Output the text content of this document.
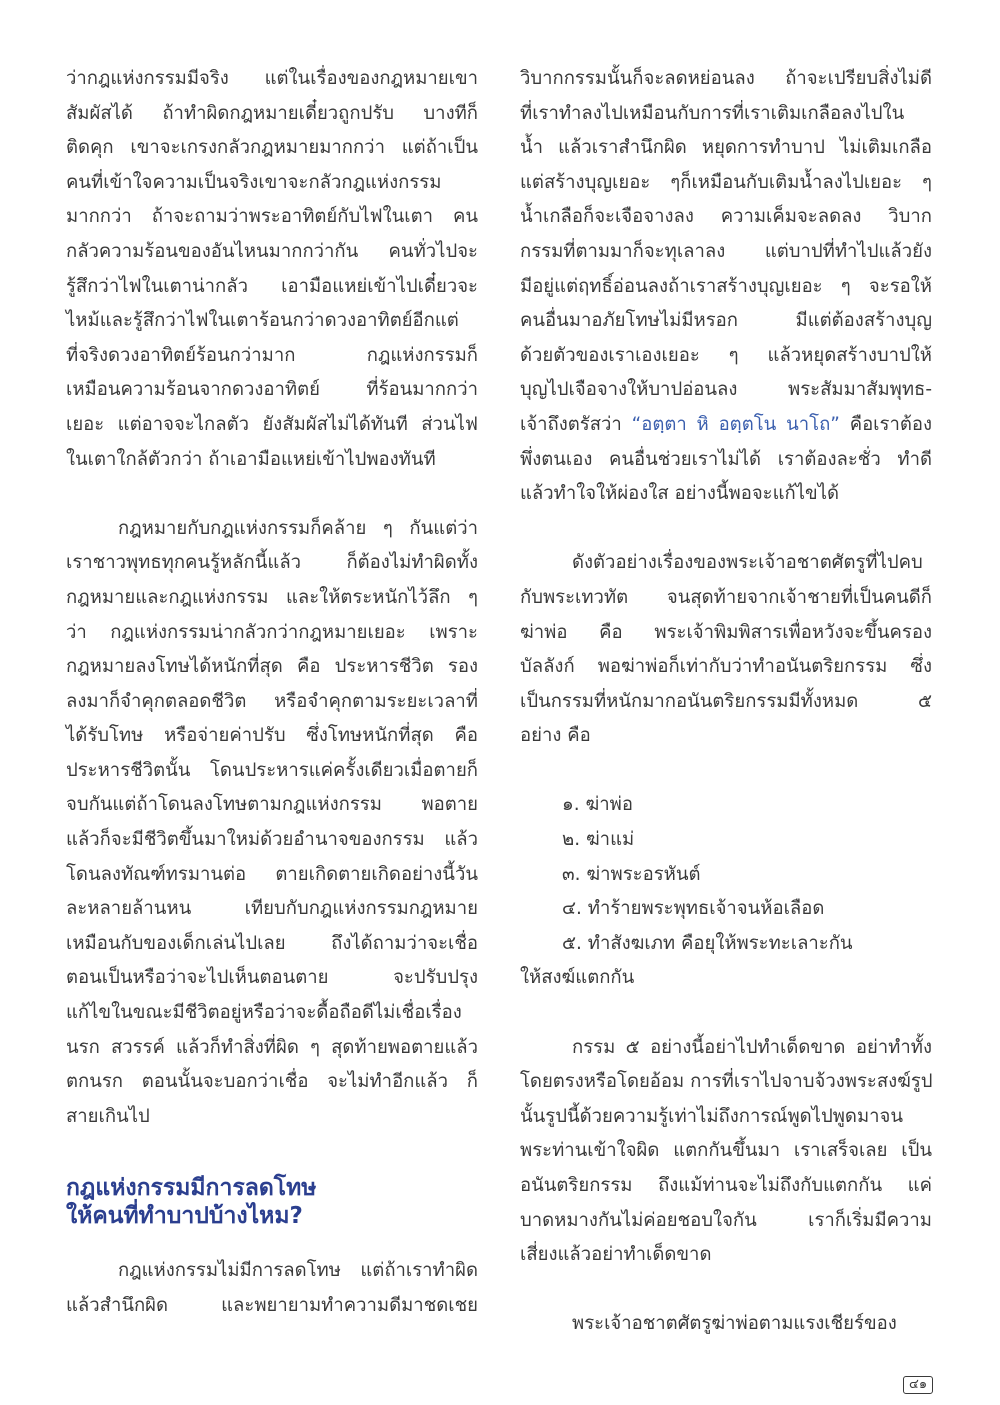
ว่ากฎแห่งกรรมมีจริง แต่ในเรื่องของกฎหมายเขา
สัมผัสได้ ถ้าทำผิดกฎหมายเดี๋ยวถูกปรับ บางทีก็
ติดคุก เขาจะเกรงกลัวกฎหมายมากกว่า แต่ถ้าเป็น
คนที่เข้าใจความเป็นจริงเขาจะกลัวกฎแห่งกรรม
มากกว่า ถ้าจะถามว่าพระอาทิตย์กับไฟในเตา คน
กลัวความร้อนของอันไหนมากกว่ากัน คนทั่วไปจะ
รู้สึกว่าไฟในเตาน่ากลัว เอามือแหย่เข้าไปเดี๋ยวจะ
ไหม้และรู้สึกว่าไฟในเตาร้อนกว่าดวงอาทิตย์อีกแต่
ที่จริงดวงอาทิตย์ร้อนกว่ามาก กฎแห่งกรรมก็
เหมือนความร้อนจากดวงอาทิตย์ ที่ร้อนมากกว่า
เยอะ แต่อาจจะไกลตัว ยังสัมผัสไม่ได้ทันที ส่วนไฟ
ในเตาใกล้ตัวกว่า ถ้าเอามือแหย่เข้าไปพองทันที
กฎหมายกับกฎแห่งกรรมก็คล้าย ๆ กันแต่ว่า
เราชาวพุทธทุกคนรู้หลักนี้แล้ว ก็ต้องไม่ทำผิดทั้ง
กฎหมายและกฎแห่งกรรม และให้ตระหนักไว้ลึก ๆ
ว่า กฎแห่งกรรมน่ากลัวกว่ากฎหมายเยอะ เพราะ
กฎหมายลงโทษได้หนักที่สุด คือ ประหารชีวิต รอง
ลงมาก็จำคุกตลอดชีวิต หรือจำคุกตามระยะเวลาที่
ได้รับโทษ หรือจ่ายค่าปรับ ซึ่งโทษหนักที่สุด คือ
ประหารชีวิตนั้น โดนประหารแค่ครั้งเดียวเมื่อตายก็
จบกันแต่ถ้าโดนลงโทษตามกฎแห่งกรรม พอตาย
แล้วก็จะมีชีวิตขึ้นมาใหม่ด้วยอำนาจของกรรม แล้ว
โดนลงทัณฑ์ทรมานต่อ ตายเกิดตายเกิดอย่างนี้วัน
ละหลายล้านหน เทียบกับกฎแห่งกรรมกฎหมาย
เหมือนกับของเด็กเล่นไปเลย ถึงได้ถามว่าจะเชื่อ
ตอนเป็นหรือว่าจะไปเห็นตอนตาย จะปรับปรุง
แก้ไขในขณะมีชีวิตอยู่หรือว่าจะดื้อถือดีไม่เชื่อเรื่อง
นรก สวรรค์ แล้วก็ทำสิ่งที่ผิด ๆ สุดท้ายพอตายแล้ว
ตกนรก ตอนนั้นจะบอกว่าเชื่อ จะไม่ทำอีกแล้ว ก็
สายเกินไป
กฎแห่งกรรมมีการลดโทษ
ให้คนที่ทำบาปบ้างไหม?
กฎแห่งกรรมไม่มีการลดโทษ แต่ถ้าเราทำผิด
แล้วสำนึกผิด และพยายามทำความดีมาชดเชย
วิบากกรรมนั้นก็จะลดหย่อนลง ถ้าจะเปรียบสิ่งไม่ดี
ที่เราทำลงไปเหมือนกับการที่เราเติมเกลือลงไปใน
น้ำ แล้วเราสำนึกผิด หยุดการทำบาป ไม่เติมเกลือ
แต่สร้างบุญเยอะ ๆก็เหมือนกับเติมน้ำลงไปเยอะ ๆ
น้ำเกลือก็จะเจือจางลง ความเค็มจะลดลง วิบาก
กรรมที่ตามมาก็จะทุเลาลง แต่บาปที่ทำไปแล้วยัง
มีอยู่แต่ฤทธิ์อ่อนลงถ้าเราสร้างบุญเยอะ ๆ จะรอให้
คนอื่นมาอภัยโทษไม่มีหรอก มีแต่ต้องสร้างบุญ
ด้วยตัวของเราเองเยอะ ๆ แล้วหยุดสร้างบาปให้
บุญไปเจือจางให้บาปอ่อนลง พระสัมมาสัมพุทธ-
เจ้าถึงตรัสว่า “อตฺตา หิ อตฺตโน นาโถ” คือเราต้อง
พึ่งตนเอง คนอื่นช่วยเราไม่ได้ เราต้องละชั่ว ทำดี
แล้วทำใจให้ผ่องใส อย่างนี้พอจะแก้ไขได้
ดังตัวอย่างเรื่องของพระเจ้าอชาตศัตรูที่ไปคบ
กับพระเทวทัต จนสุดท้ายจากเจ้าชายที่เป็นคนดีก็
ฆ่าพ่อ คือ พระเจ้าพิมพิสารเพื่อหวังจะขึ้นครอง
บัลลังก์ พอฆ่าพ่อก็เท่ากับว่าทำอนันตริยกรรม ซึ่ง
เป็นกรรมที่หนักมากอนันตริยกรรมมีทั้งหมด ๕
อย่าง คือ
๑. ฆ่าพ่อ
๒. ฆ่าแม่
๓. ฆ่าพระอรหันต์
๔. ทำร้ายพระพุทธเจ้าจนห้อเลือด
๕. ทำสังฆเภท คือยุให้พระทะเลาะกัน
ให้สงฆ์แตกกัน
กรรม ๕ อย่างนี้อย่าไปทำเด็ดขาด อย่าทำทั้ง
โดยตรงหรือโดยอ้อม การที่เราไปจาบจ้วงพระสงฆ์รูป
นั้นรูปนี้ด้วยความรู้เท่าไม่ถึงการณ์พูดไปพูดมาจน
พระท่านเข้าใจผิด แตกกันขึ้นมา เราเสร็จเลย เป็น
อนันตริยกรรม ถึงแม้ท่านจะไม่ถึงกับแตกกัน แค่
บาดหมางกันไม่ค่อยชอบใจกัน เราก็เริ่มมีความ
เสี่ยงแล้วอย่าทำเด็ดขาด
พระเจ้าอชาตศัตรูฆ่าพ่อตามแรงเชียร์ของ
๔๑
